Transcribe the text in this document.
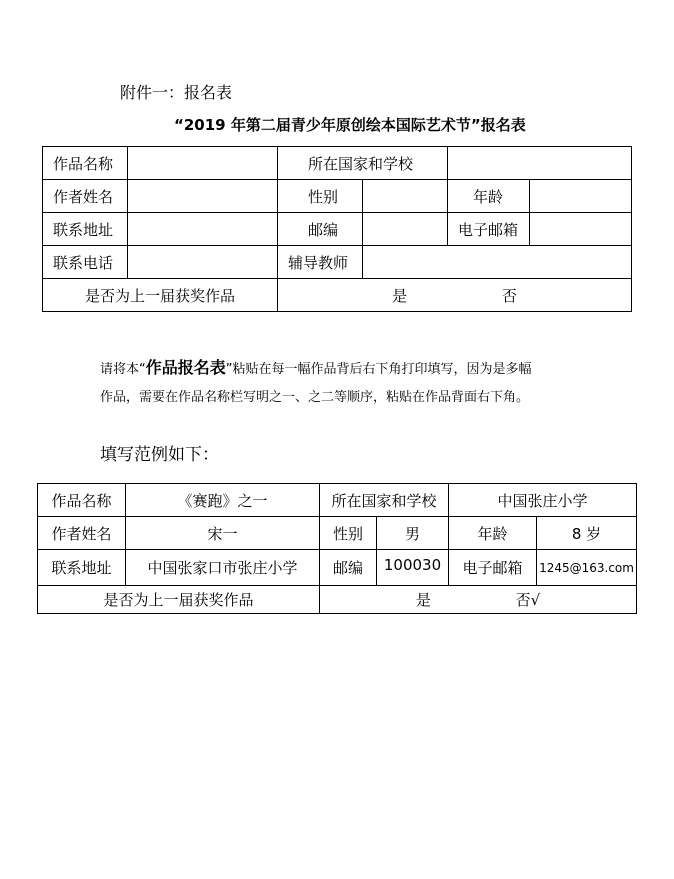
附件一：报名表
“2019 年第二届青少年原创绘本国际艺术节”报名表
作品名称		所在国家和学校			
作者姓名		性别		年龄	
联系地址		邮编		电子邮箱	
联系电话		辅导教师			
是否为上一届获奖作品		是 否			
请将本“作品报名表”粘贴在每一幅作品背后右下角打印填写，因为是多幅
作品，需要在作品名称栏写明之一、之二等顺序，粘贴在作品背面右下角。
填写范例如下：
作品名称	《赛跑》之一	所在国家和学校		中国张庄小学	
作者姓名	宋一	性别	男	年龄	8 岁
联系地址	中国张家口市张庄小学	邮编	100030	电子邮箱	1245@163.com
是否为上一届获奖作品		是 否√			
